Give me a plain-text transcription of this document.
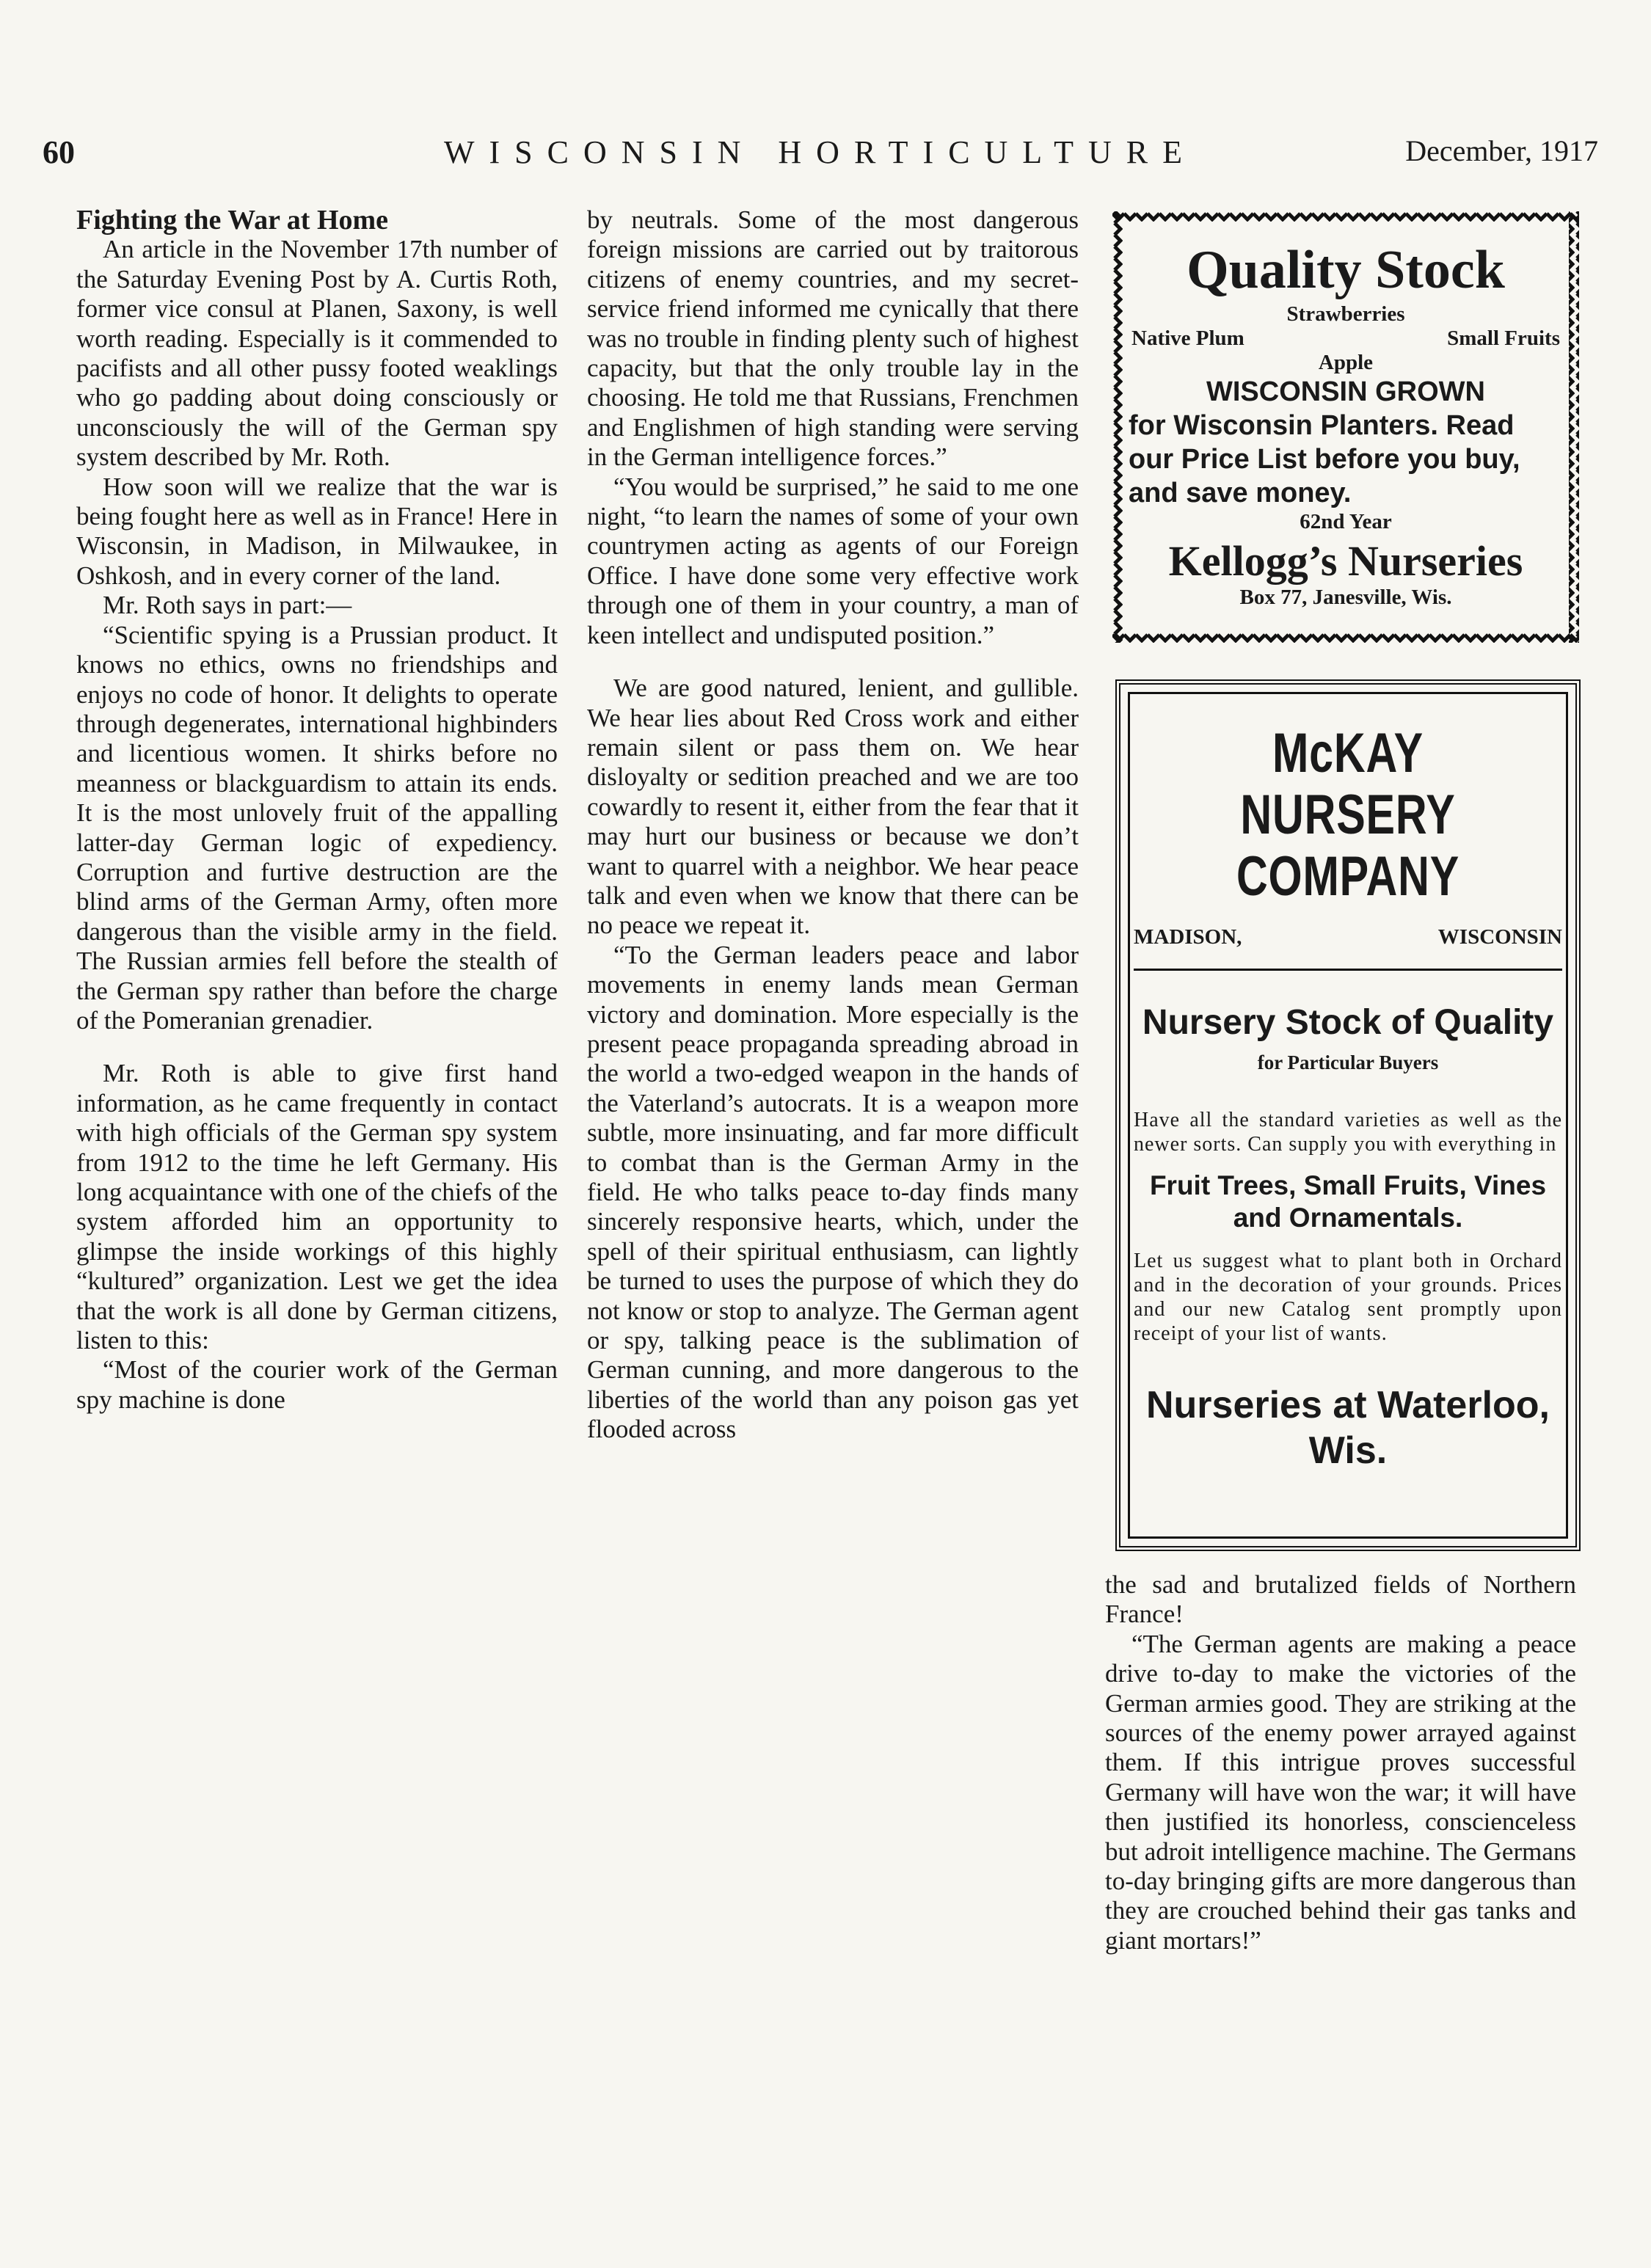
WISCONSIN HORTICULTURE
60	December, 1917

Fighting the War at Home

An article in the November 17th number of the Saturday Evening Post by A. Curtis Roth, former vice consul at Planen, Saxony, is well worth reading. Especially is it commended to pacifists and all other pussy footed weaklings who go padding about doing consciously or unconsciously the will of the German spy system described by Mr. Roth.

How soon will we realize that the war is being fought here as well as in France! Here in Wisconsin, in Madison, in Milwaukee, in Oshkosh, and in every corner of the land.

Mr. Roth says in part:—

“Scientific spying is a Prussian product. It knows no ethics, owns no friendships and enjoys no code of honor. It delights to operate through degenerates, international highbinders and licentious women. It shirks before no meanness or blackguardism to attain its ends. It is the most unlovely fruit of the appalling latter-day German logic of expediency. Corruption and furtive destruction are the blind arms of the German Army, often more dangerous than the visible army in the field. The Russian armies fell before the stealth of the German spy rather than before the charge of the Pomeranian grenadier.

Mr. Roth is able to give first hand information, as he came frequently in contact with high officials of the German spy system from 1912 to the time he left Germany. His long acquaintance with one of the chiefs of the system afforded him an opportunity to glimpse the inside workings of this highly “kultured” organization. Lest we get the idea that the work is all done by German citizens, listen to this:

“Most of the courier work of the German spy machine is done

by neutrals. Some of the most dangerous foreign missions are carried out by traitorous citizens of enemy countries, and my secret-service friend informed me cynically that there was no trouble in finding plenty such of highest capacity, but that the only trouble lay in the choosing. He told me that Russians, Frenchmen and Englishmen of high standing were serving in the German intelligence forces.”

“You would be surprised,” he said to me one night, “to learn the names of some of your own countrymen acting as agents of our Foreign Office. I have done some very effective work through one of them in your country, a man of keen intellect and undisputed position.”

We are good natured, lenient, and gullible. We hear lies about Red Cross work and either remain silent or pass them on. We hear disloyalty or sedition preached and we are too cowardly to resent it, either from the fear that it may hurt our business or because we don’t want to quarrel with a neighbor. We hear peace talk and even when we know that there can be no peace we repeat it.

“To the German leaders peace and labor movements in enemy lands mean German victory and domination. More especially is the present peace propaganda spreading abroad in the world a two-edged weapon in the hands of the Vaterland’s autocrats. It is a weapon more subtle, more insinuating, and far more difficult to combat than is the German Army in the field. He who talks peace to-day finds many sincerely responsive hearts, which, under the spell of their spiritual enthusiasm, can lightly be turned to uses the purpose of which they do not know or stop to analyze. The German agent or spy, talking peace is the sublimation of German cunning, and more dangerous to the liberties of the world than any poison gas yet flooded across

Quality Stock
Strawberries
Native Plum	Small Fruits
Apple
WISCONSIN GROWN
for Wisconsin Planters. Read our Price List before you buy, and save money.
62nd Year
Kellogg’s Nurseries
Box 77, Janesville, Wis.
McKAY NURSERY COMPANY
MADISON,	WISCONSIN
Nursery Stock of Quality
for Particular Buyers
Have all the standard varieties as well as the newer sorts. Can supply you with everything in
Fruit Trees, Small Fruits, Vines and Ornamentals.
Let us suggest what to plant both in Orchard and in the decoration of your grounds. Prices and our new Catalog sent promptly upon receipt of your list of wants.
Nurseries at Waterloo, Wis.

the sad and brutalized fields of Northern France!

“The German agents are making a peace drive to-day to make the victories of the German armies good. They are striking at the sources of the enemy power arrayed against them. If this intrigue proves successful Germany will have won the war; it will have then justified its honorless, conscienceless but adroit intelligence machine. The Germans to-day bringing gifts are more dangerous than they are crouched behind their gas tanks and giant mortars!”
